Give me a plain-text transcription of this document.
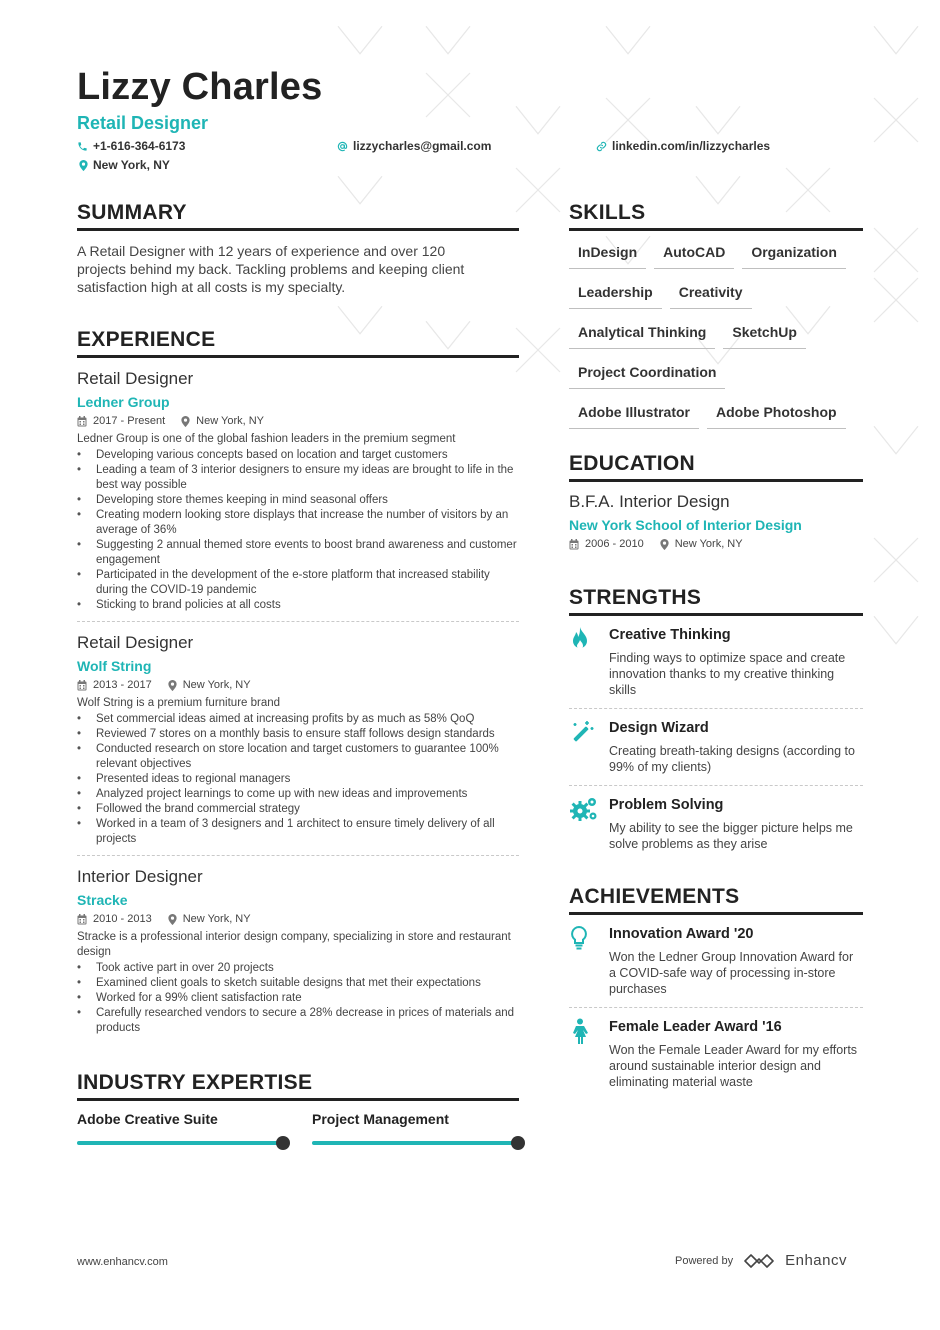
Lizzy Charles
Retail Designer
+1-616-364-6173	lizzycharles@gmail.com	linkedin.com/in/lizzycharles
New York, NY
SUMMARY
A Retail Designer with 12 years of experience and over 120 projects behind my back. Tackling problems and keeping client satisfaction high at all costs is my specialty.
EXPERIENCE
Retail Designer
Ledner Group
2017 - Present	New York, NY
Ledner Group is one of the global fashion leaders in the premium segment
• Developing various concepts based on location and target customers
• Leading a team of 3 interior designers to ensure my ideas are brought to life in the best way possible
• Developing store themes keeping in mind seasonal offers
• Creating modern looking store displays that increase the number of visitors by an average of 36%
• Suggesting 2 annual themed store events to boost brand awareness and customer engagement
• Participated in the development of the e-store platform that increased stability during the COVID-19 pandemic
• Sticking to brand policies at all costs
Retail Designer
Wolf String
2013 - 2017	New York, NY
Wolf String is a premium furniture brand
• Set commercial ideas aimed at increasing profits by as much as 58% QoQ
• Reviewed 7 stores on a monthly basis to ensure staff follows design standards
• Conducted research on store location and target customers to guarantee 100% relevant objectives
• Presented ideas to regional managers
• Analyzed project learnings to come up with new ideas and improvements
• Followed the brand commercial strategy
• Worked in a team of 3 designers and 1 architect to ensure timely delivery of all projects
Interior Designer
Stracke
2010 - 2013	New York, NY
Stracke is a professional interior design company, specializing in store and restaurant design
• Took active part in over 20 projects
• Examined client goals to sketch suitable designs that met their expectations
• Worked for a 99% client satisfaction rate
• Carefully researched vendors to secure a 28% decrease in prices of materials and products
INDUSTRY EXPERTISE
Adobe Creative Suite	Project Management
SKILLS
InDesign	AutoCAD	Organization
Leadership	Creativity
Analytical Thinking	SketchUp
Project Coordination
Adobe Illustrator	Adobe Photoshop
EDUCATION
B.F.A. Interior Design
New York School of Interior Design
2006 - 2010	New York, NY
STRENGTHS
Creative Thinking
Finding ways to optimize space and create innovation thanks to my creative thinking skills
Design Wizard
Creating breath-taking designs (according to 99% of my clients)
Problem Solving
My ability to see the bigger picture helps me solve problems as they arise
ACHIEVEMENTS
Innovation Award '20
Won the Ledner Group Innovation Award for a COVID-safe way of processing in-store purchases
Female Leader Award '16
Won the Female Leader Award for my efforts around sustainable interior design and eliminating material waste
www.enhancv.com	Powered by	Enhancv
